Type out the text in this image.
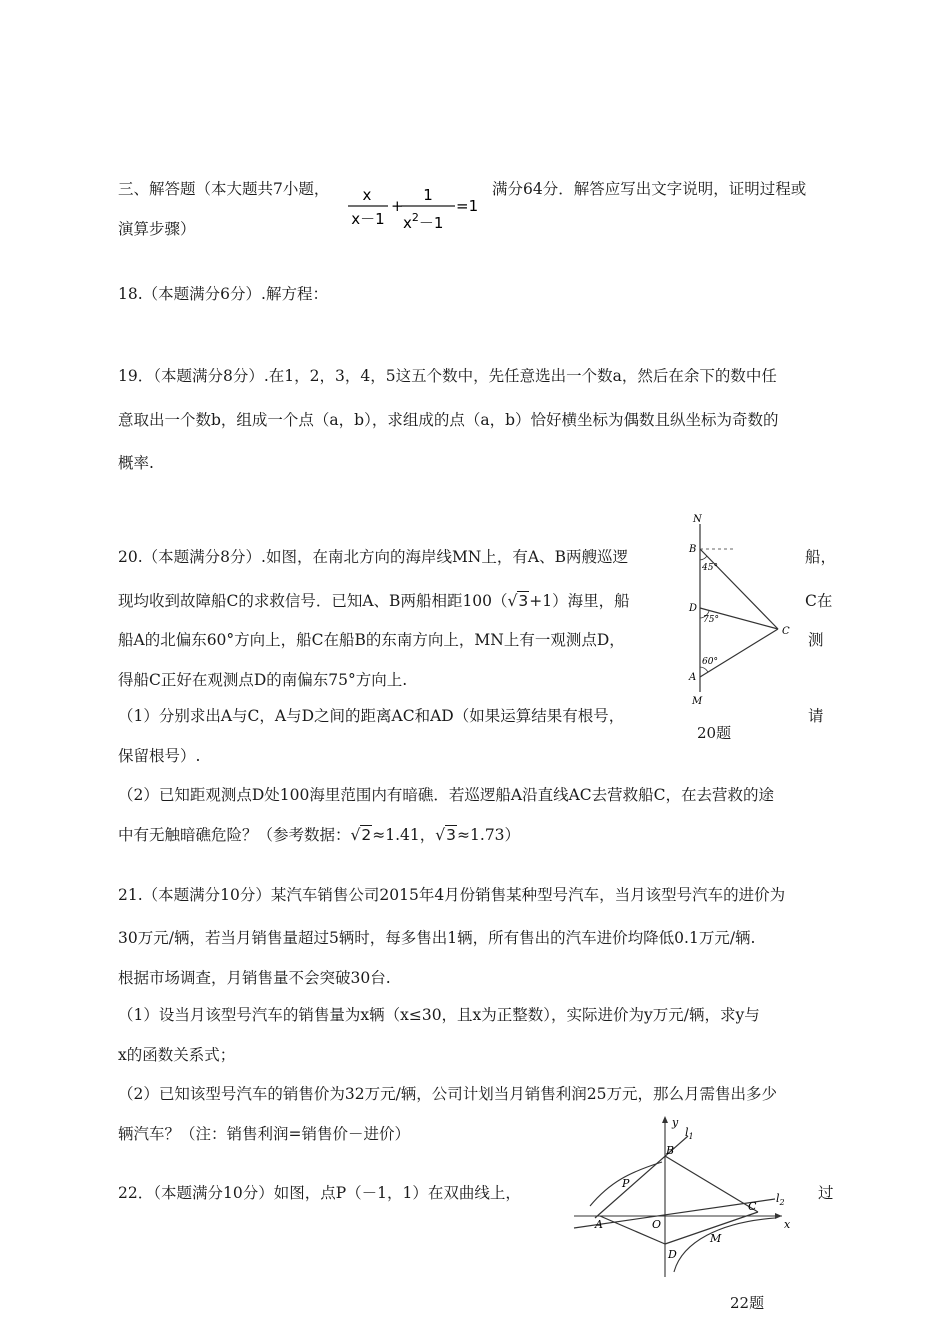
三、解答题（本大题共7小题，	满分64分．解答应写出文字说明，证明过程或
演算步骤）
x
x－1
+
1
$x^2-1$
=1
18.（本题满分6分）.解方程：
19．（本题满分8分）.在1，2，3，4，5这五个数中，先任意选出一个数a，然后在余下的数中任
意取出一个数b，组成一个点（a，b），求组成的点（a，b）恰好横坐标为偶数且纵坐标为奇数的
概率.
20.（本题满分8分）.如图，在南北方向的海岸线MN上，有A、B两艘巡逻	船，
现均收到故障船C的求救信号．已知A、B两船相距100（√3+1）海里，船	C在
船A的北偏东60°方向上，船C在船B的东南方向上，MN上有一观测点D，	测
得船C正好在观测点D的南偏东75°方向上.
（1）分别求出A与C，A与D之间的距离AC和AD（如果运算结果有根号，	请
保留根号）.
（2）已知距观测点D处100海里范围内有暗礁．若巡逻船A沿直线AC去营救船C，在去营救的途
中有无触暗礁危险？（参考数据：√2≈1.41，√3≈1.73）
N
B
D
A
M
C
45°
75°
60°
20题
21.（本题满分10分）某汽车销售公司2015年4月份销售某种型号汽车，当月该型号汽车的进价为
30万元/辆，若当月销售量超过5辆时，每多售出1辆，所有售出的汽车进价均降低0.1万元/辆.
根据市场调查，月销售量不会突破30台.
（1）设当月该型号汽车的销售量为x辆（x≤30，且x为正整数），实际进价为y万元/辆，求y与
x的函数关系式；
（2）已知该型号汽车的销售价为32万元/辆，公司计划当月销售利润25万元，那么月需售出多少
辆汽车？（注：销售利润=销售价－进价）
22．（本题满分10分）如图，点P（－1，1）在双曲线上，	过
y
x
O
B
A
C
D
P
M
$l_1$
$l_2$
22题
